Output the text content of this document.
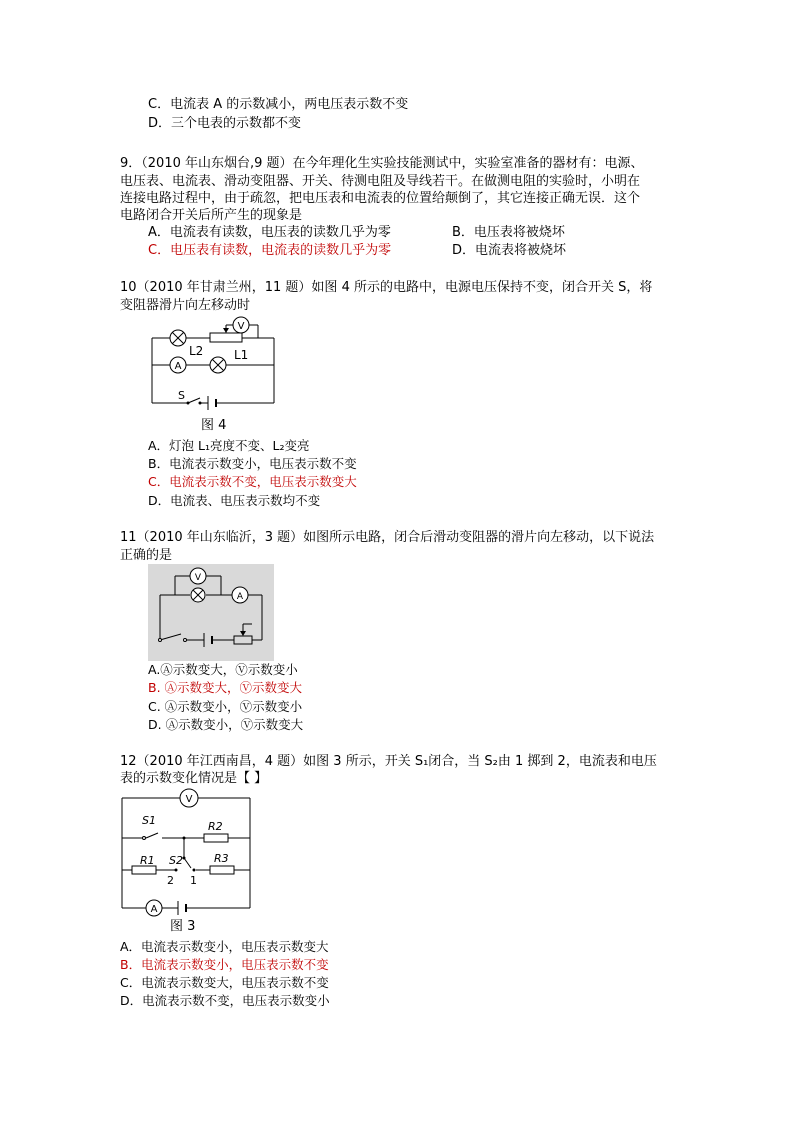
C．电流表 A 的示数减小，两电压表示数不变
D．三个电表的示数都不变
9．（2010 年山东烟台,9 题）在今年理化生实验技能测试中，实验室准备的器材有：电源、
电压表、电流表、滑动变阻器、开关、待测电阻及导线若干。在做测电阻的实验时，小明在
连接电路过程中，由于疏忽，把电压表和电流表的位置给颠倒了，其它连接正确无误．这个
电路闭合开关后所产生的现象是
A．电流表有读数，电压表的读数几乎为零	B．电压表将被烧坏
C．电压表有读数，电流表的读数几乎为零	D．电流表将被烧坏
10（2010 年甘肃兰州，11 题）如图 4 所示的电路中，电源电压保持不变，闭合开关 S，将
变阻器滑片向左移动时
V
A
L2	L1
S
图 4
A．灯泡 L₁亮度不变、L₂变亮
B．电流表示数变小，电压表示数不变
C．电流表示数不变，电压表示数变大
D．电流表、电压表示数均不变
11（2010 年山东临沂，3 题）如图所示电路，闭合后滑动变阻器的滑片向左移动，以下说法
正确的是
V
A
A.Ⓐ示数变大，Ⓥ示数变小
B. Ⓐ示数变大，Ⓥ示数变大
C. Ⓐ示数变小，Ⓥ示数变小
D. Ⓐ示数变小，Ⓥ示数变大
12（2010 年江西南昌，4 题）如图 3 所示，开关 S₁闭合，当 S₂由 1 掷到 2，电流表和电压
表的示数变化情况是【 】
V
A
S1	R2
R1 S2	R3
2 1
图 3
A．电流表示数变小，电压表示数变大
B．电流表示数变小，电压表示数不变
C．电流表示数变大，电压表示数不变
D．电流表示数不变，电压表示数变小
